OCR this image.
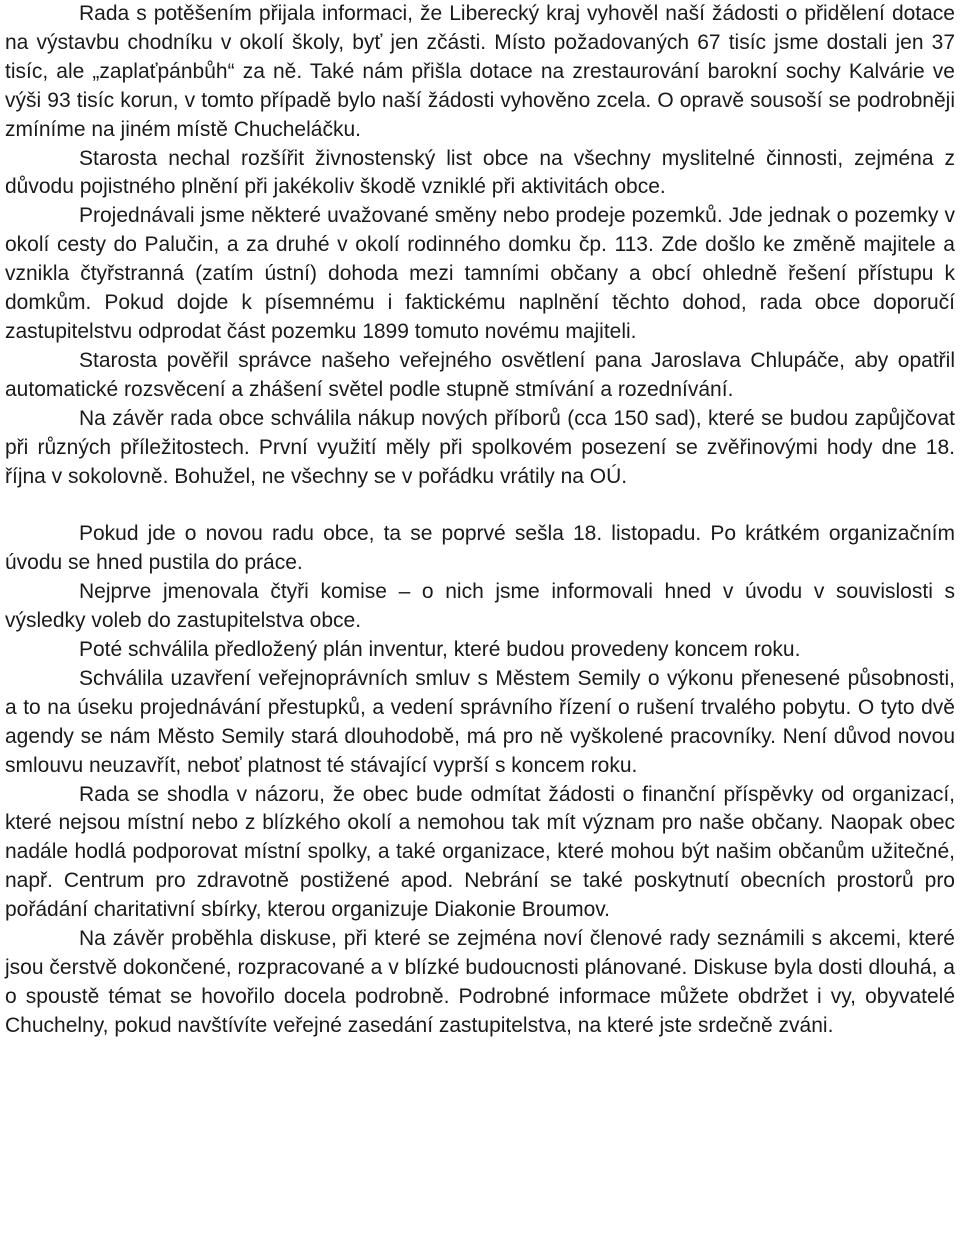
Rada s potěšením přijala informaci, že Liberecký kraj vyhověl naší žádosti o přidělení dotace na výstavbu chodníku v okolí školy, byť jen zčásti. Místo požadovaných 67 tisíc jsme dostali jen 37 tisíc, ale „zaplaťpánbůh“ za ně. Také nám přišla dotace na zrestaurování barokní sochy Kalvárie ve výši 93 tisíc korun, v tomto případě bylo naší žádosti vyhověno zcela. O opravě sousoší se podrobněji zmíníme na jiném místě Chucheláčku.

Starosta nechal rozšířit živnostenský list obce na všechny myslitelné činnosti, zejména z důvodu pojistného plnění při jakékoliv škodě vzniklé při aktivitách obce.

Projednávali jsme některé uvažované směny nebo prodeje pozemků. Jde jednak o pozemky v okolí cesty do Palučin, a za druhé v okolí rodinného domku čp. 113. Zde došlo ke změně majitele a vznikla čtyřstranná (zatím ústní) dohoda mezi tamními občany a obcí ohledně řešení přístupu k domkům. Pokud dojde k písemnému i faktickému naplnění těchto dohod, rada obce doporučí zastupitelstvu odprodat část pozemku 1899 tomuto novému majiteli.

Starosta pověřil správce našeho veřejného osvětlení pana Jaroslava Chlupáče, aby opatřil automatické rozsvěcení a zhášení světel podle stupně stmívání a rozednívání.

Na závěr rada obce schválila nákup nových příborů (cca 150 sad), které se budou zapůjčovat při různých příležitostech. První využití měly při spolkovém posezení se zvěřinovými hody dne 18. října v sokolovně. Bohužel, ne všechny se v pořádku vrátily na OÚ.

Pokud jde o novou radu obce, ta se poprvé sešla 18. listopadu. Po krátkém organizačním úvodu se hned pustila do práce.

Nejprve jmenovala čtyři komise – o nich jsme informovali hned v úvodu v souvislosti s výsledky voleb do zastupitelstva obce.

Poté schválila předložený plán inventur, které budou provedeny koncem roku.

Schválila uzavření veřejnoprávních smluv s Městem Semily o výkonu přenesené působnosti, a to na úseku projednávání přestupků, a vedení správního řízení o rušení trvalého pobytu. O tyto dvě agendy se nám Město Semily stará dlouhodobě, má pro ně vyškolené pracovníky. Není důvod novou smlouvu neuzavřít, neboť platnost té stávající vyprší s koncem roku.

Rada se shodla v názoru, že obec bude odmítat žádosti o finanční příspěvky od organizací, které nejsou místní nebo z blízkého okolí a nemohou tak mít význam pro naše občany. Naopak obec nadále hodlá podporovat místní spolky, a také organizace, které mohou být našim občanům užitečné, např. Centrum pro zdravotně postižené apod. Nebrání se také poskytnutí obecních prostorů pro pořádání charitativní sbírky, kterou organizuje Diakonie Broumov.

Na závěr proběhla diskuse, při které se zejména noví členové rady seznámili s akcemi, které jsou čerstvě dokončené, rozpracované a v blízké budoucnosti plánované. Diskuse byla dosti dlouhá, a o spoustě témat se hovořilo docela podrobně. Podrobné informace můžete obdržet i vy, obyvatelé Chuchelny, pokud navštívíte veřejné zasedání zastupitelstva, na které jste srdečně zváni.
